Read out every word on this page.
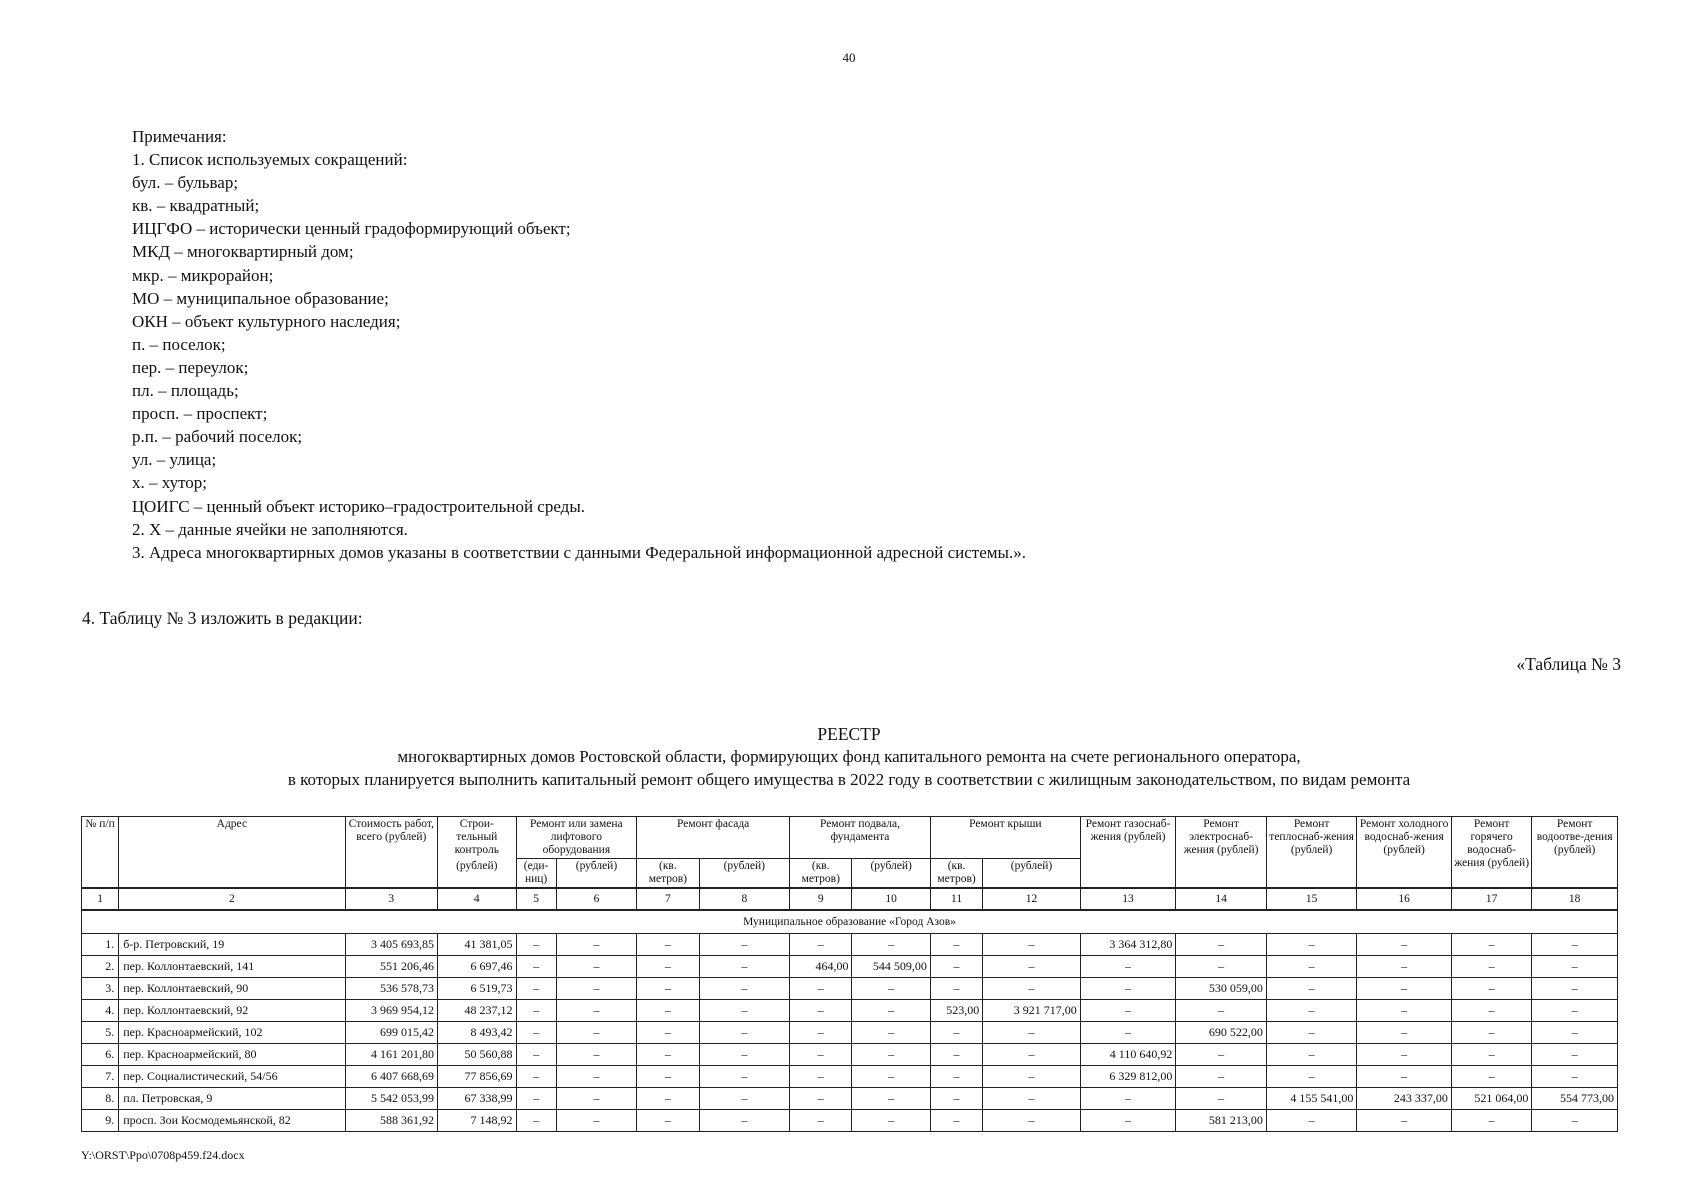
40
Примечания:
1. Список используемых сокращений:
бул. – бульвар;
кв. – квадратный;
ИЦГФО – исторически ценный градоформирующий объект;
МКД – многоквартирный дом;
мкр. – микрорайон;
МО – муниципальное образование;
ОКН – объект культурного наследия;
п. – поселок;
пер. – переулок;
пл. – площадь;
просп. – проспект;
р.п. – рабочий поселок;
ул. – улица;
х. – хутор;
ЦОИГС – ценный объект историко–градостроительной среды.
2. Х – данные ячейки не заполняются.
3. Адреса многоквартирных домов указаны в соответствии с данными Федеральной информационной адресной системы.».
4. Таблицу № 3 изложить в редакции:
«Таблица № 3
РЕЕСТР
многоквартирных домов Ростовской области, формирующих фонд капитального ремонта на счете регионального оператора,
в которых планируется выполнить капитальный ремонт общего имущества в 2022 году в соответствии с жилищным законодательством, по видам ремонта
№ п/п	Адрес	Стоимость работ, всего (рублей)	Строи-тельный контроль	Ремонт или замена лифтового оборудования		Ремонт фасада		Ремонт подвала, фундамента		Ремонт крыши		Ремонт газоснаб-жения (рублей)	Ремонт электроснаб-жения (рублей)	Ремонт теплоснаб-жения (рублей)	Ремонт холодного водоснаб-жения (рублей)	Ремонт горячего водоснаб-жения (рублей)	Ремонт водоотве-дения (рублей)
			(рублей)	(еди-ниц)	(рублей)	(кв. метров)	(рублей)	(кв. метров)	(рублей)	(кв. метров)	(рублей)						
1	2	3	4	5	6	7	8	9	10	11	12	13	14	15	16	17	18
Муниципальное образование «Город Азов»																	
1.	б-р. Петровский, 19	3 405 693,85	41 381,05	–	–	–	–	–	–	–	–	3 364 312,80	–	–	–	–	–
2.	пер. Коллонтаевский, 141	551 206,46	6 697,46	–	–	–	–	464,00	544 509,00	–	–	–	–	–	–	–	–
3.	пер. Коллонтаевский, 90	536 578,73	6 519,73	–	–	–	–	–	–	–	–	–	530 059,00	–	–	–	–
4.	пер. Коллонтаевский, 92	3 969 954,12	48 237,12	–	–	–	–	–	–	523,00	3 921 717,00	–	–	–	–	–	–
5.	пер. Красноармейский, 102	699 015,42	8 493,42	–	–	–	–	–	–	–	–	–	690 522,00	–	–	–	–
6.	пер. Красноармейский, 80	4 161 201,80	50 560,88	–	–	–	–	–	–	–	–	4 110 640,92	–	–	–	–	–
7.	пер. Социалистический, 54/56	6 407 668,69	77 856,69	–	–	–	–	–	–	–	–	6 329 812,00	–	–	–	–	–
8.	пл. Петровская, 9	5 542 053,99	67 338,99	–	–	–	–	–	–	–	–	–	–	4 155 541,00	243 337,00	521 064,00	554 773,00
9.	просп. Зои Космодемьянской, 82	588 361,92	7 148,92	–	–	–	–	–	–	–	–	–	581 213,00	–	–	–	–
Y:\ORST\Ppo\0708p459.f24.docx
